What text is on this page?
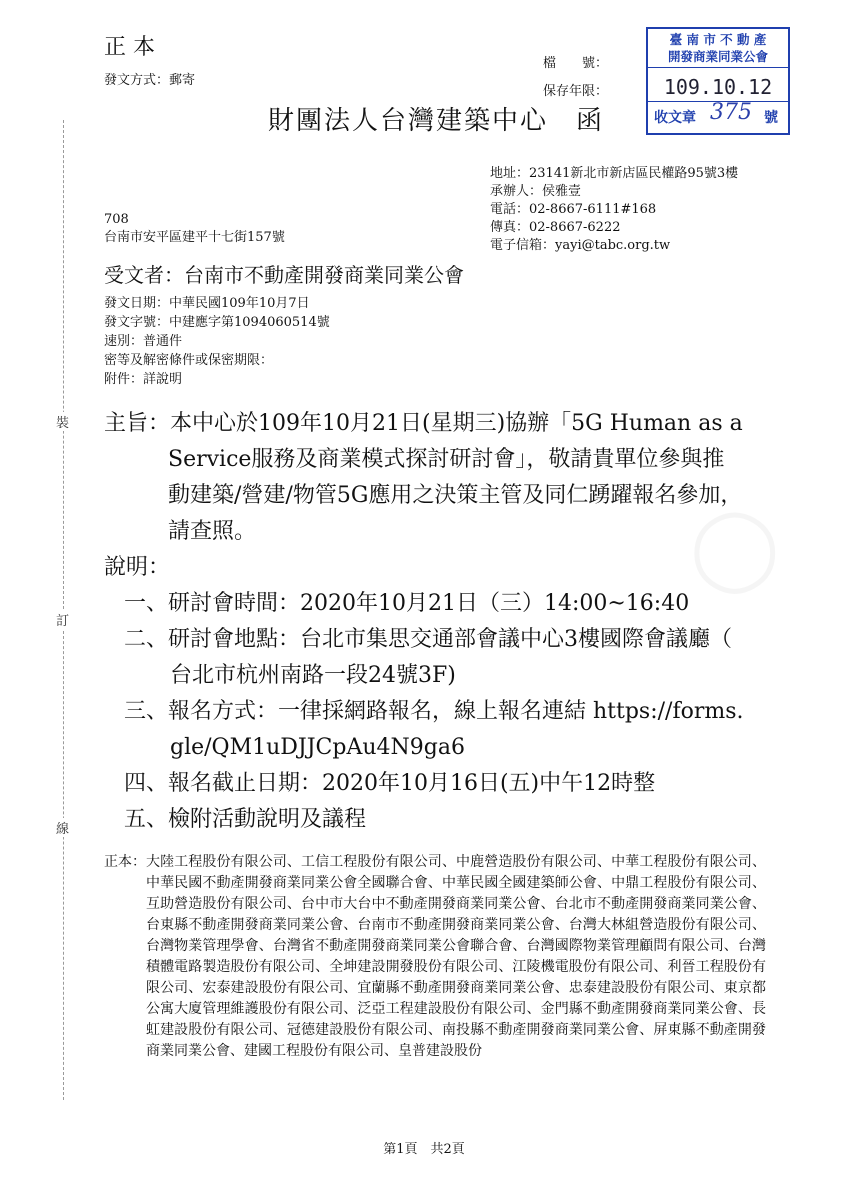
正 本
發文方式：郵寄
檔　　號：
保存年限：
財團法人台灣建築中心　函
臺 南 市 不 動 產
開發商業同業公會
109.10.12
收文章 375 號
地址：23141新北市新店區民權路95號3樓
承辦人：侯雅壹
電話：02-8667-6111#168
傳真：02-8667-6222
電子信箱：yayi@tabc.org.tw
708
台南市安平區建平十七街157號
受文者：台南市不動產開發商業同業公會
發文日期：中華民國109年10月7日
發文字號：中建應字第1094060514號
速別：普通件
密等及解密條件或保密期限：
附件：詳說明
◯
主旨：本中心於109年10月21日(星期三)協辦「5G Human as a
Service服務及商業模式探討研討會」，敬請貴單位參與推
動建築/營建/物管5G應用之決策主管及同仁踴躍報名參加，
請查照。
說明：
一、研討會時間：2020年10月21日（三）14:00~16:40
二、研討會地點：台北市集思交通部會議中心3樓國際會議廳（
台北市杭州南路一段24號3F)
三、報名方式：一律採網路報名，線上報名連結 https://forms.
gle/QM1uDJJCpAu4N9ga6
四、報名截止日期：2020年10月16日(五)中午12時整
五、檢附活動說明及議程
裝
訂
線
正本： 大陸工程股份有限公司、工信工程股份有限公司、中鹿營造股份有限公司、中華工程股份有限公司、中華民國不動產開發商業同業公會全國聯合會、中華民國全國建築師公會、中鼎工程股份有限公司、互助營造股份有限公司、台中市大台中不動產開發商業同業公會、台北市不動產開發商業同業公會、台東縣不動產開發商業同業公會、台南市不動產開發商業同業公會、台灣大林組營造股份有限公司、台灣物業管理學會、台灣省不動產開發商業同業公會聯合會、台灣國際物業管理顧問有限公司、台灣積體電路製造股份有限公司、全坤建設開發股份有限公司、江陵機電股份有限公司、利晉工程股份有限公司、宏泰建設股份有限公司、宜蘭縣不動產開發商業同業公會、忠泰建設股份有限公司、東京都公寓大廈管理維護股份有限公司、泛亞工程建設股份有限公司、金門縣不動產開發商業同業公會、長虹建設股份有限公司、冠德建設股份有限公司、南投縣不動產開發商業同業公會、屏東縣不動產開發商業同業公會、建國工程股份有限公司、皇普建設股份
第1頁　共2頁
